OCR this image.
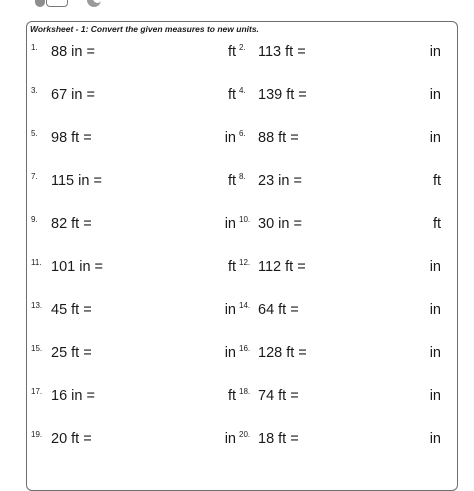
Worksheet - 1: Convert the given measures to new units.
1. 88 in =	ft 2. 113 ft =	in
3. 67 in =	ft 4. 139 ft =	in
5. 98 ft =	in 6. 88 ft =	in
7. 115 in =	ft 8. 23 in =	ft
9. 82 ft =	in 10. 30 in =	ft
11. 101 in =	ft 12. 112 ft =	in
13. 45 ft =	in 14. 64 ft =	in
15. 25 ft =	in 16. 128 ft =	in
17. 16 in =	ft 18. 74 ft =	in
19. 20 ft =	in 20. 18 ft =	in
